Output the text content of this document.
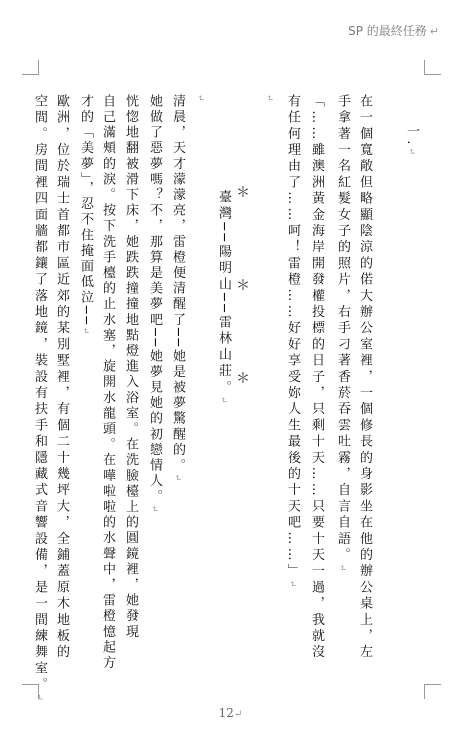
SP 的最終任務 ↵
一.↵
在一個寬敞但略顯陰涼的偌大辦公室裡，一個修長的身影坐在他的辦公桌上，左
手拿著一名紅髮女子的照片，右手刁著香菸吞雲吐霧，自言自語。↵
「……雖澳洲黃金海岸開發權投標的日子，只剩十天……只要十天一過，我就沒
有任何理由了……呵！雷橙……好好享受妳人生最後的十天吧……」↵
↵
＊
＊
＊
臺灣──陽明山──雷林山莊。↵
↵
清晨，天才濛濛亮，雷橙便清醒了──她是被夢驚醒的。↵
她做了惡夢嗎？不，那算是美夢吧──她夢見她的初戀情人。↵
恍惚地翻被滑下床，她跌跌撞撞地點燈進入浴室。在洗臉檯上的圓鏡裡，她發現
自己滿頰的淚。按下洗手檯的止水塞，旋開水龍頭。在嘩啦啦的水聲中，雷橙憶起方
才的「美夢」，忍不住掩面低泣──↵
歐洲，位於瑞士首都市區近郊的某別墅裡，有個二十幾坪大，全鋪蓋原木地板的
空間。房間裡四面牆都鑲了落地鏡，裝設有扶手和隱藏式音響設備，是一間練舞室。↵
12↵
